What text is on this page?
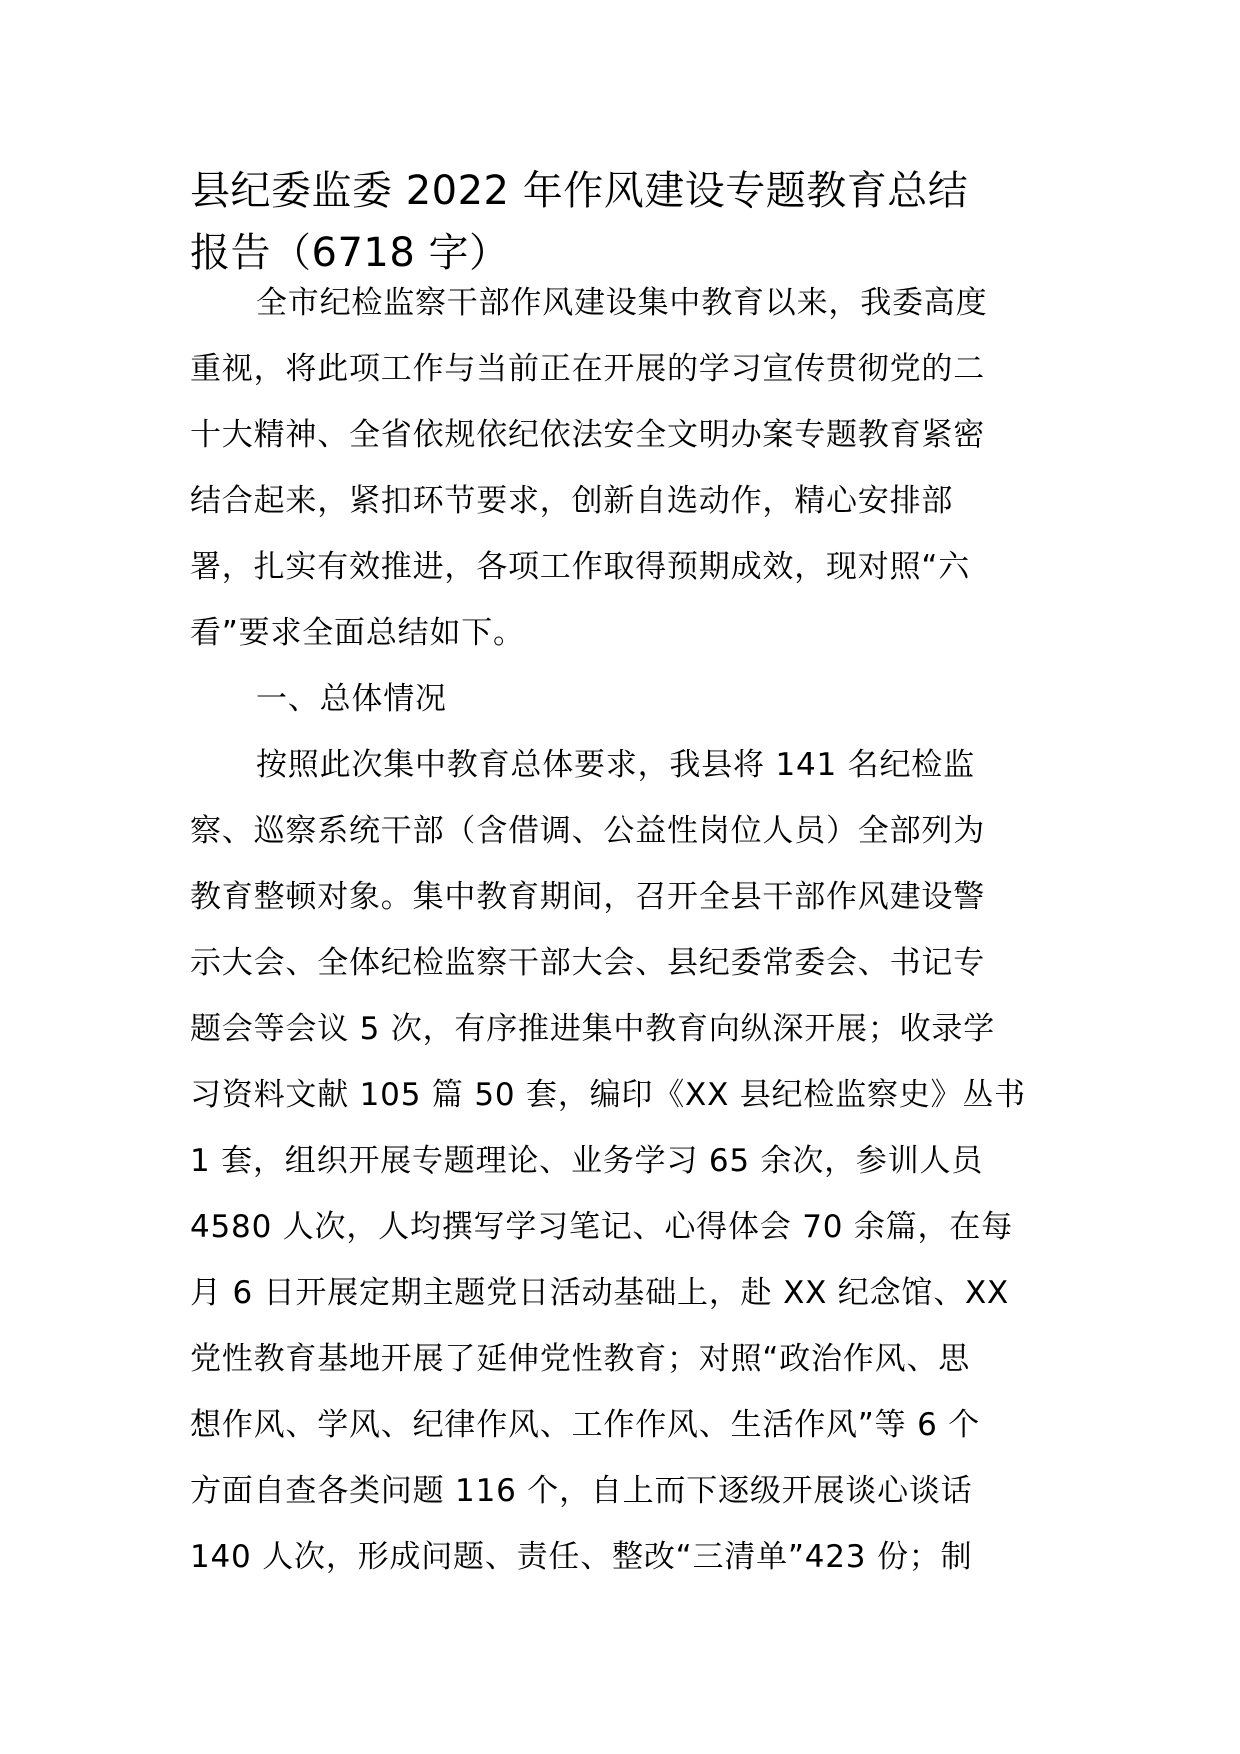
县纪委监委 2022 年作风建设专题教育总结
报告（6718 字）
全市纪检监察干部作风建设集中教育以来，我委高度
重视，将此项工作与当前正在开展的学习宣传贯彻党的二
十大精神、全省依规依纪依法安全文明办案专题教育紧密
结合起来，紧扣环节要求，创新自选动作，精心安排部
署，扎实有效推进，各项工作取得预期成效，现对照“六
看”要求全面总结如下。
一、总体情况
按照此次集中教育总体要求，我县将 141 名纪检监
察、巡察系统干部（含借调、公益性岗位人员）全部列为
教育整顿对象。集中教育期间，召开全县干部作风建设警
示大会、全体纪检监察干部大会、县纪委常委会、书记专
题会等会议 5 次，有序推进集中教育向纵深开展；收录学
习资料文献 105 篇 50 套，编印《XX 县纪检监察史》丛书
1 套，组织开展专题理论、业务学习 65 余次，参训人员
4580 人次，人均撰写学习笔记、心得体会 70 余篇，在每
月 6 日开展定期主题党日活动基础上，赴 XX 纪念馆、XX
党性教育基地开展了延伸党性教育；对照“政治作风、思
想作风、学风、纪律作风、工作作风、生活作风”等 6 个
方面自查各类问题 116 个，自上而下逐级开展谈心谈话
140 人次，形成问题、责任、整改“三清单”423 份；制
